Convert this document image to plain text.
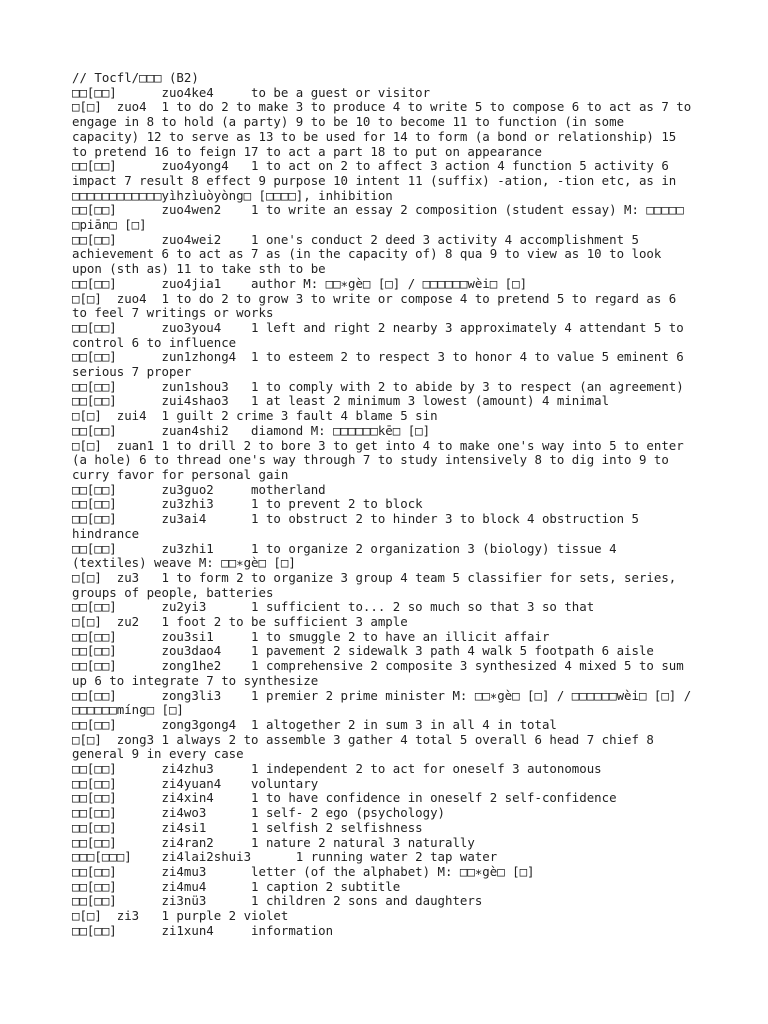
// Tocfl/□□□ (B2)

□□[□□]      zuo4ke4     to be a guest or visitor

□[□]  zuo4  1 to do 2 to make 3 to produce 4 to write 5 to compose 6 to act as 7 to engage in 8 to hold (a party) 9 to be 10 to become 11 to function (in some capacity) 12 to serve as 13 to be used for 14 to form (a bond or relationship) 15 to pretend 16 to feign 17 to act a part 18 to put on appearance

□□[□□]      zuo4yong4   1 to act on 2 to affect 3 action 4 function 5 activity 6 impact 7 result 8 effect 9 purpose 10 intent 11 (suffix) -ation, -tion etc, as in □□□□□□□□□□□□yìhzìuòyòng□ [□□□□], inhibition

□□[□□]      zuo4wen2    1 to write an essay 2 composition (student essay) M: □□□□□ □piān□ [□]

□□[□□]      zuo4wei2    1 one's conduct 2 deed 3 activity 4 accomplishment 5 achievement 6 to act as 7 as (in the capacity of) 8 qua 9 to view as 10 to look upon (sth as) 11 to take sth to be

□□[□□]      zuo4jia1    author M: □□∗gè□ [□] / □□□□□□wèi□ [□]

□[□]  zuo4  1 to do 2 to grow 3 to write or compose 4 to pretend 5 to regard as 6 to feel 7 writings or works

□□[□□]      zuo3you4    1 left and right 2 nearby 3 approximately 4 attendant 5 to control 6 to influence

□□[□□]      zun1zhong4  1 to esteem 2 to respect 3 to honor 4 to value 5 eminent 6 serious 7 proper

□□[□□]      zun1shou3   1 to comply with 2 to abide by 3 to respect (an agreement)

□□[□□]      zui4shao3   1 at least 2 minimum 3 lowest (amount) 4 minimal

□[□]  zui4  1 guilt 2 crime 3 fault 4 blame 5 sin

□□[□□]      zuan4shi2   diamond M: □□□□□□kē□ [□]

□[□]  zuan1 1 to drill 2 to bore 3 to get into 4 to make one's way into 5 to enter (a hole) 6 to thread one's way through 7 to study intensively 8 to dig into 9 to curry favor for personal gain

□□[□□]      zu3guo2     motherland

□□[□□]      zu3zhi3     1 to prevent 2 to block

□□[□□]      zu3ai4      1 to obstruct 2 to hinder 3 to block 4 obstruction 5 hindrance

□□[□□]      zu3zhi1     1 to organize 2 organization 3 (biology) tissue 4 (textiles) weave M: □□∗gè□ [□]

□[□]  zu3   1 to form 2 to organize 3 group 4 team 5 classifier for sets, series, groups of people, batteries

□□[□□]      zu2yi3      1 sufficient to... 2 so much so that 3 so that

□[□]  zu2   1 foot 2 to be sufficient 3 ample

□□[□□]      zou3si1     1 to smuggle 2 to have an illicit affair

□□[□□]      zou3dao4    1 pavement 2 sidewalk 3 path 4 walk 5 footpath 6 aisle

□□[□□]      zong1he2    1 comprehensive 2 composite 3 synthesized 4 mixed 5 to sum up 6 to integrate 7 to synthesize

□□[□□]      zong3li3    1 premier 2 prime minister M: □□∗gè□ [□] / □□□□□□wèi□ [□] / □□□□□□míng□ [□]

□□[□□]      zong3gong4  1 altogether 2 in sum 3 in all 4 in total

□[□]  zong3 1 always 2 to assemble 3 gather 4 total 5 overall 6 head 7 chief 8 general 9 in every case

□□[□□]      zi4zhu3     1 independent 2 to act for oneself 3 autonomous

□□[□□]      zi4yuan4    voluntary

□□[□□]      zi4xin4     1 to have confidence in oneself 2 self-confidence

□□[□□]      zi4wo3      1 self- 2 ego (psychology)

□□[□□]      zi4si1      1 selfish 2 selfishness

□□[□□]      zi4ran2     1 nature 2 natural 3 naturally

□□□[□□□]    zi4lai2shui3      1 running water 2 tap water

□□[□□]      zi4mu3      letter (of the alphabet) M: □□∗gè□ [□]

□□[□□]      zi4mu4      1 caption 2 subtitle

□□[□□]      zi3nü3      1 children 2 sons and daughters

□[□]  zi3   1 purple 2 violet

□□[□□]      zi1xun4     information
